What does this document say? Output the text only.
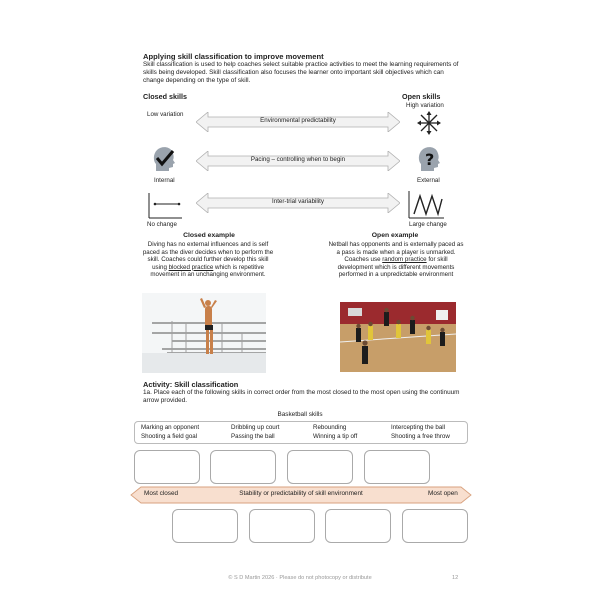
Applying skill classification to improve movement
Skill classification is used to help coaches select suitable practice activities to meet the learning requirements of skills being developed. Skill classification also focuses the learner onto important skill objectives which can change depending on the type of skill.
Closed skills	Open skills
Low variation
High variation
Environmental predictability
Internal
?
External
Pacing – controlling when to begin
No change	Large change
Inter-trial variability
Closed example
Diving has no external influences and is self paced as the diver decides when to perform the skill. Coaches could further develop this skill using blocked practice which is repetitive movement in an unchanging environment.
Open example
Netball has opponents and is externally paced as a pass is made when a player is unmarked. Coaches use random practice for skill development which is different movements performed in a unpredictable environment
Activity: Skill classification
1a. Place each of the following skills in correct order from the most closed to the most open using the continuum arrow provided.
Basketball skills
Marking an opponent	Dribbling up court	Rebounding	Intercepting the ball
Shooting a field goal	Passing the ball	Winning a tip off	Shooting a free throw
Most closed	Stability or predictability of skill environment	Most open
© S D Martin 2026 · Please do not photocopy or distribute	12
